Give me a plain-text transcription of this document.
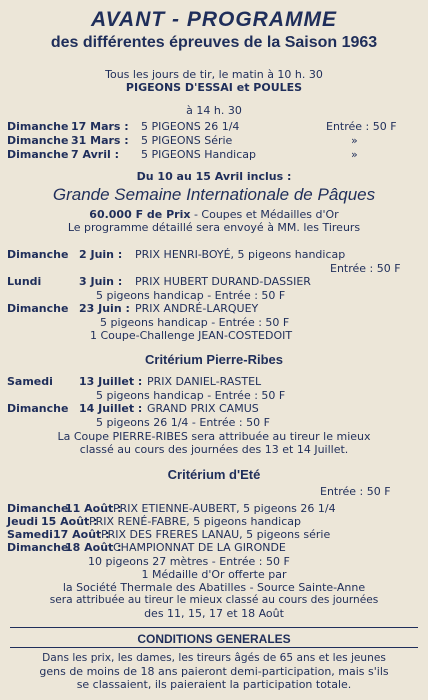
AVANT - PROGRAMME
des différentes épreuves de la Saison 1963
Tous les jours de tir, le matin à 10 h. 30
PIGEONS D'ESSAI et POULES
à 14 h. 30
Dimanche 17 Mars : 5 PIGEONS 26 1/4	Entrée : 50 F
Dimanche 31 Mars : 5 PIGEONS Série	»
Dimanche 7 Avril : 5 PIGEONS Handicap	»
Du 10 au 15 Avril inclus :
Grande Semaine Internationale de Pâques
60.000 F de Prix - Coupes et Médailles d'Or
Le programme détaillé sera envoyé à MM. les Tireurs
Dimanche 2 Juin : PRIX HENRI-BOYÉ, 5 pigeons handicap
Entrée : 50 F
Lundi	3 Juin : PRIX HUBERT DURAND-DASSIER
5 pigeons handicap - Entrée : 50 F
Dimanche 23 Juin : PRIX ANDRÉ-LARQUEY
5 pigeons handicap - Entrée : 50 F
1 Coupe-Challenge JEAN-COSTEDOIT
Critérium Pierre-Ribes
Samedi 13 Juillet : PRIX DANIEL-RASTEL
5 pigeons handicap - Entrée : 50 F
Dimanche 14 Juillet : GRAND PRIX CAMUS
5 pigeons 26 1/4 - Entrée : 50 F
La Coupe PIERRE-RIBES sera attribuée au tireur le mieux
classé au cours des journées des 13 et 14 Juillet.
Critérium d'Eté
Entrée : 50 F
Dimanche11 Août :PRIX ETIENNE-AUBERT, 5 pigeons 26 1/4
Jeudi 15 Août :PRIX RENÉ-FABRE, 5 pigeons handicap
Samedi17 Août :PRIX DES FRERES LANAU, 5 pigeons série
Dimanche18 Août :CHAMPIONNAT DE LA GIRONDE
10 pigeons 27 mètres - Entrée : 50 F
1 Médaille d'Or offerte par
la Société Thermale des Abatilles - Source Sainte-Anne
sera attribuée au tireur le mieux classé au cours des journées
des 11, 15, 17 et 18 Août
CONDITIONS GENERALES
Dans les prix, les dames, les tireurs âgés de 65 ans et les jeunes
gens de moins de 18 ans paieront demi-participation, mais s'ils
se classaient, ils paieraient la participation totale.
